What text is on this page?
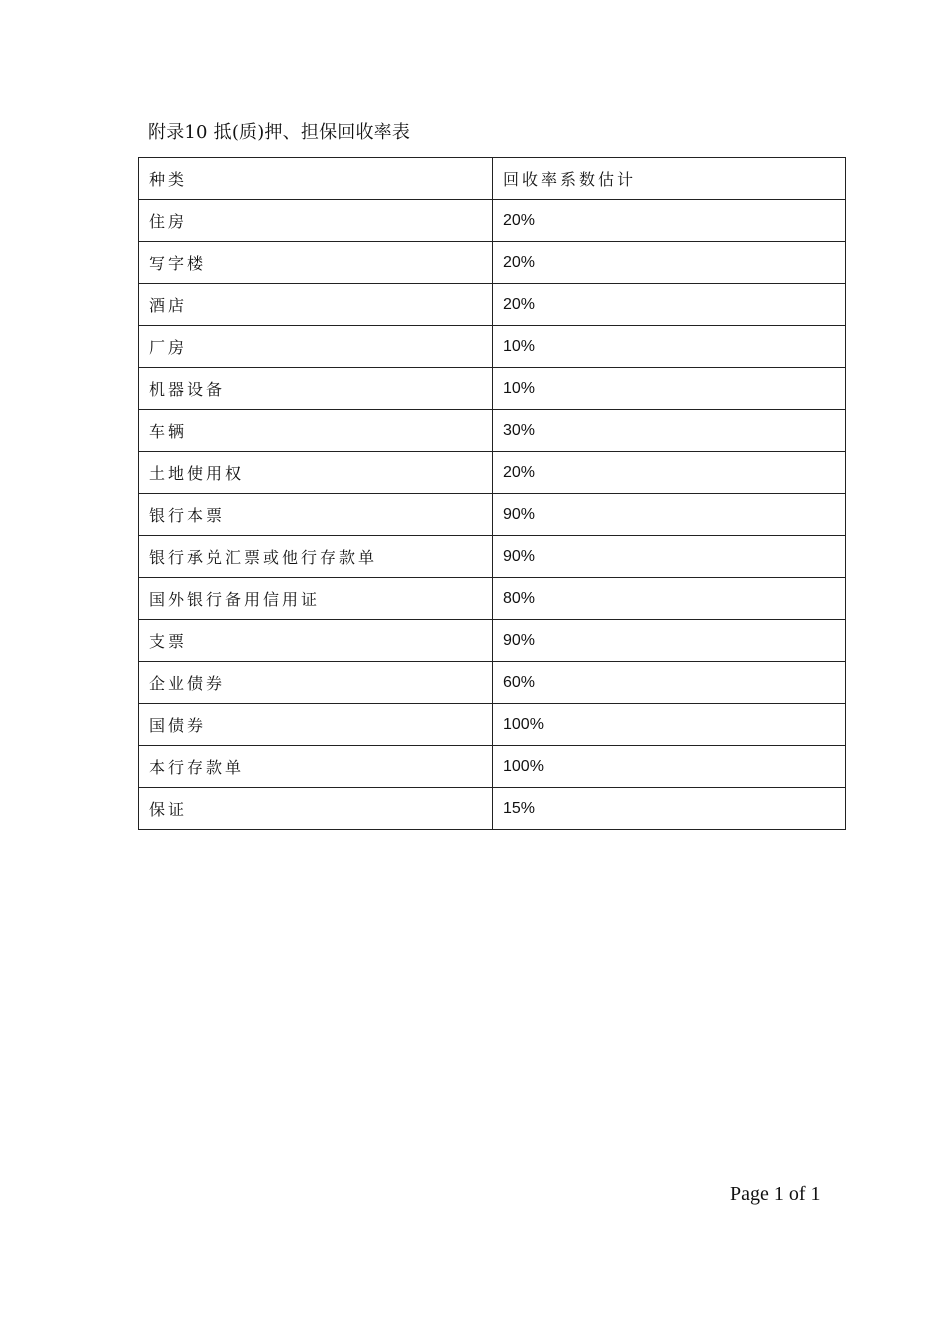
附录10 抵(质)押、担保回收率表
种类	回收率系数估计
住房	20%
写字楼	20%
酒店	20%
厂房	10%
机器设备	10%
车辆	30%
土地使用权	20%
银行本票	90%
银行承兑汇票或他行存款单	90%
国外银行备用信用证	80%
支票	90%
企业债券	60%
国债券	100%
本行存款单	100%
保证	15%
Page 1 of 1
